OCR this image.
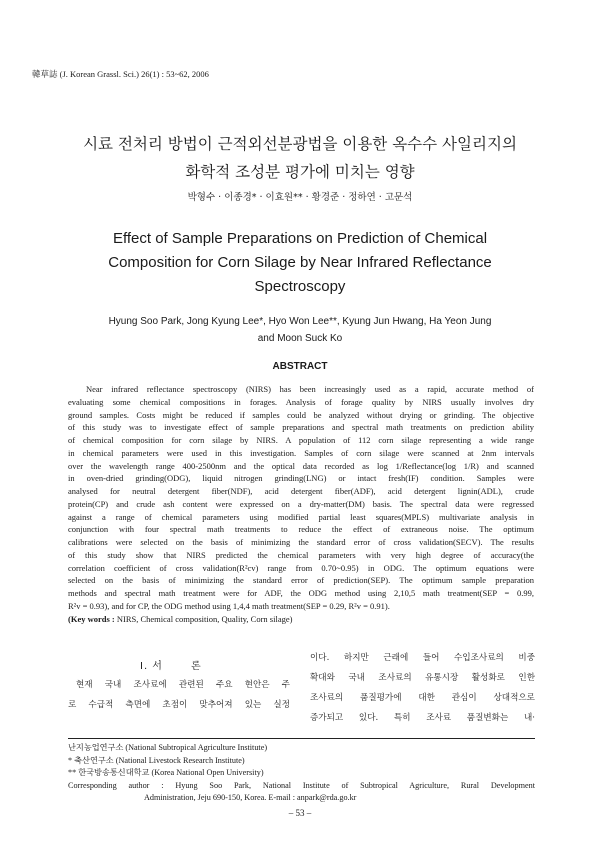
韓草誌 (J. Korean Grassl. Sci.) 26(1) : 53~62, 2006
시료 전처리 방법이 근적외선분광법을 이용한 옥수수 사일리지의
화학적 조성분 평가에 미치는 영향
박형수 · 이종경* · 이효원** · 황경준 · 정하연 · 고문석
Effect of Sample Preparations on Prediction of Chemical
Composition for Corn Silage by Near Infrared Reflectance
Spectroscopy
Hyung Soo Park, Jong Kyung Lee*, Hyo Won Lee**, Kyung Jun Hwang, Ha Yeon Jung
and Moon Suck Ko
ABSTRACT
Near infrared reflectance spectroscopy (NIRS) has been increasingly used as a rapid, accurate method of
evaluating some chemical compositions in forages. Analysis of forage quality by NIRS usually involves dry
ground samples. Costs might be reduced if samples could be analyzed without drying or grinding. The objective
of this study was to investigate effect of sample preparations and spectral math treatments on prediction ability
of chemical composition for corn silage by NIRS. A population of 112 corn silage representing a wide range
in chemical parameters were used in this investigation. Samples of corn silage were scanned at 2nm intervals
over the wavelength range 400-2500nm and the optical data recorded as log 1/Reflectance(log 1/R) and scanned
in oven-dried grinding(ODG), liquid nitrogen grinding(LNG) or intact fresh(IF) condition. Samples were
analysed for neutral detergent fiber(NDF), acid detergent fiber(ADF), acid detergent lignin(ADL), crude
protein(CP) and crude ash content were expressed on a dry-matter(DM) basis. The spectral data were regressed
against a range of chemical parameters using modified partial least squares(MPLS) multivariate analysis in
conjunction with four spectral math treatments to reduce the effect of extraneous noise. The optimum
calibrations were selected on the basis of minimizing the standard error of cross validation(SECV). The results
of this study show that NIRS predicted the chemical parameters with very high degree of accuracy(the
correlation coefficient of cross validation(R²cv) range from 0.70~0.95) in ODG. The optimum equations were
selected on the basis of minimizing the standard error of prediction(SEP). The optimum sample preparation
methods and spectral math treatment were for ADF, the ODG method using 2,10,5 math treatment(SEP = 0.99,
R²v = 0.93), and for CP, the ODG method using 1,4,4 math treatment(SEP = 0.29, R²v = 0.91).
(Key words : NIRS, Chemical composition, Quality, Corn silage)
I. 서	론
현재 국내 조사료에 관련된 주요 현안은 주
로 수급적 측면에 초점이 맞추어져 있는 실정
이다. 하지만 근래에 들어 수입조사료의 비중
확대와 국내 조사료의 유통시장 활성화로 인한
조사료의 품질평가에 대한 관심이 상대적으로
증가되고 있다. 특히 조사료 품질변화는 내·
난지농업연구소 (National Subtropical Agriculture Institute)
* 축산연구소 (National Livestock Research Institute)
** 한국방송통신대학교 (Korea National Open University)
Corresponding author : Hyung Soo Park, National Institute of Subtropical Agriculture, Rural Development
Administration, Jeju 690-150, Korea. E-mail : anpark@rda.go.kr
– 53 –
